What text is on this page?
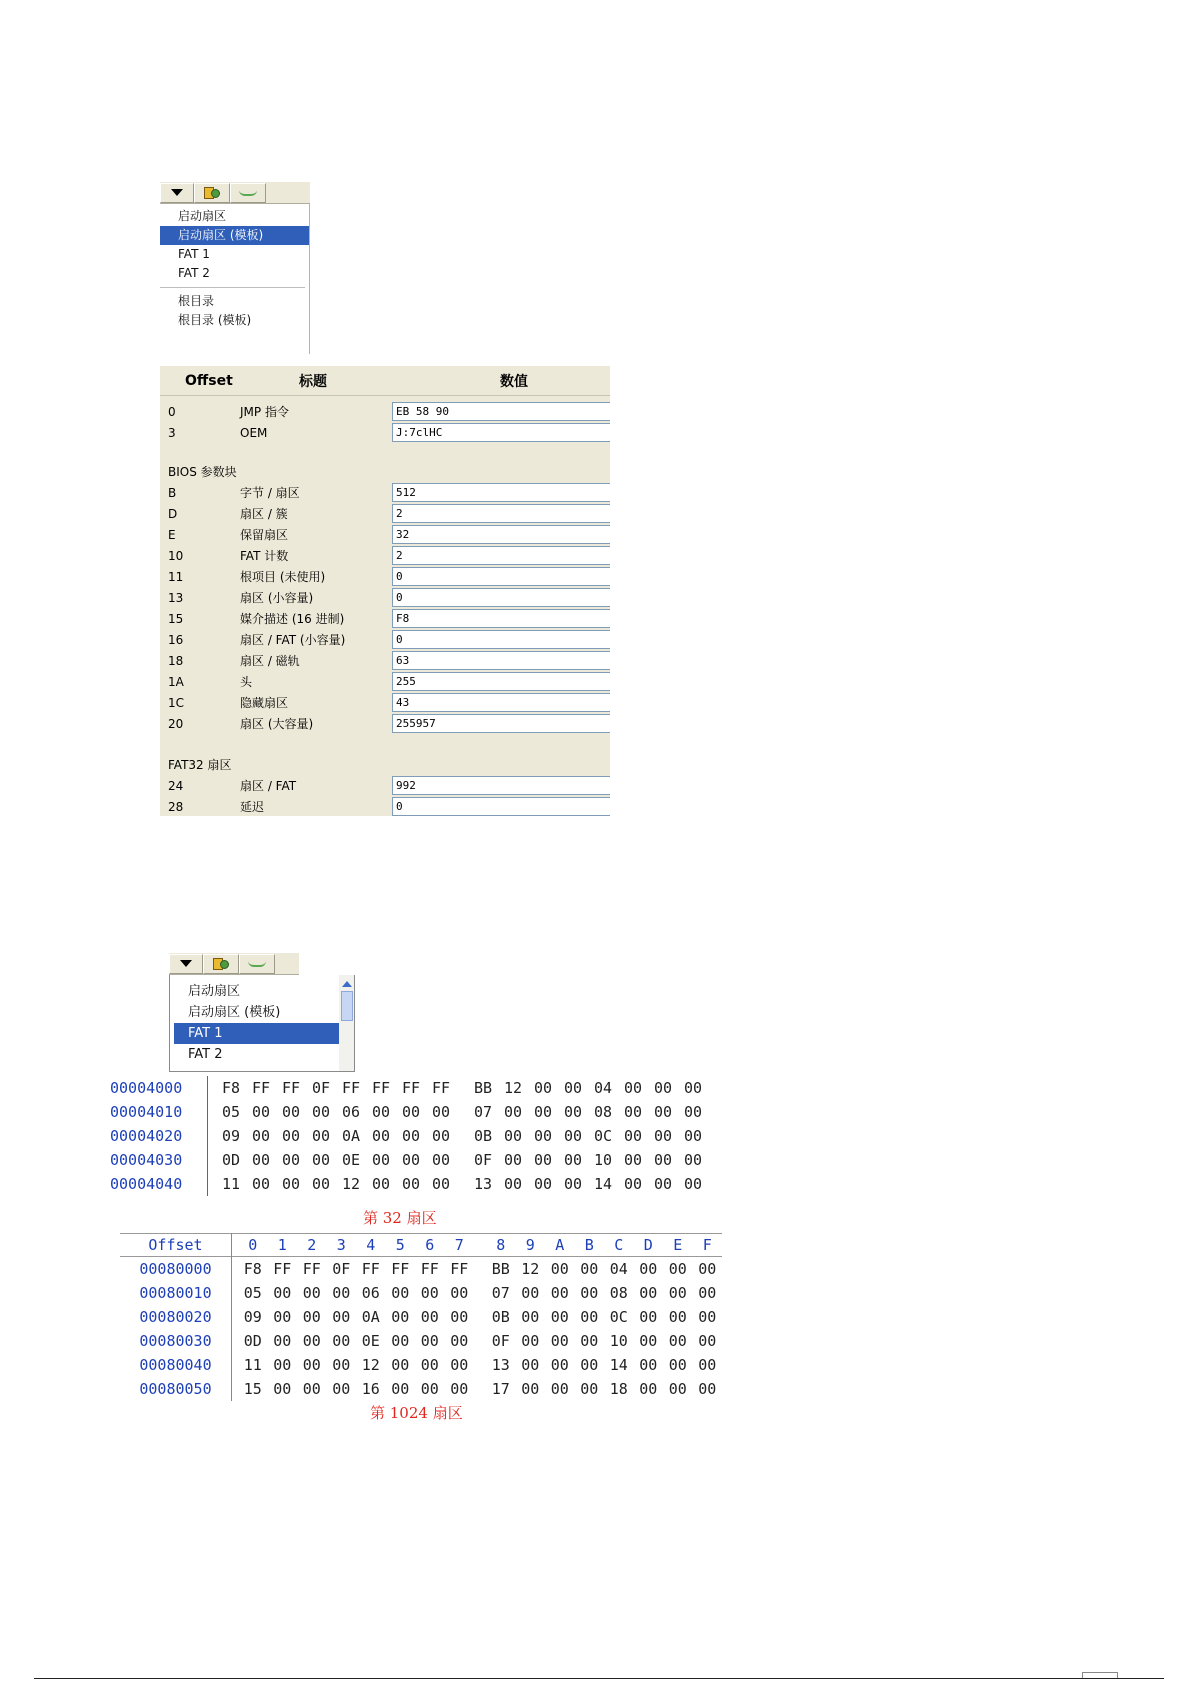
启动扇区
启动扇区 (模板)
FAT 1
FAT 2
根目录
根目录 (模板)
Offset	标题	数值
0	JMP 指令	EB 58 90
3	OEM	J:7clHC
BIOS 参数块
B	字节 / 扇区	512
D	扇区 / 簇	2
E	保留扇区	32
10	FAT 计数	2
11	根项目 (未使用)	0
13	扇区 (小容量)	0
15	媒介描述 (16 进制)	F8
16	扇区 / FAT (小容量)	0
18	扇区 / 磁轨	63
1A	头	255
1C	隐藏扇区	43
20	扇区 (大容量)	255957
FAT32 扇区
24	扇区 / FAT	992
28	延迟	0
启动扇区
启动扇区 (模板)
FAT 1
FAT 2
00004000	F8 FF FF 0F FF FF FF FF	BB 12 00 00 04 00 00 00
00004010	05 00 00 00 06 00 00 00	07 00 00 00 08 00 00 00
00004020	09 00 00 00 0A 00 00 00	0B 00 00 00 0C 00 00 00
00004030	0D 00 00 00 0E 00 00 00	0F 00 00 00 10 00 00 00
00004040	11 00 00 00 12 00 00 00	13 00 00 00 14 00 00 00
第 32 扇区
Offset	0	1	2	3	4	5	6	7	8	9	A	B	C	D	E	F
00080000	F8 FF FF 0F FF FF FF FF	BB 12 00 00 04 00 00 00
00080010	05 00 00 00 06 00 00 00	07 00 00 00 08 00 00 00
00080020	09 00 00 00 0A 00 00 00	0B 00 00 00 0C 00 00 00
00080030	0D 00 00 00 0E 00 00 00	0F 00 00 00 10 00 00 00
00080040	11 00 00 00 12 00 00 00	13 00 00 00 14 00 00 00
00080050	15 00 00 00 16 00 00 00	17 00 00 00 18 00 00 00
第 1024 扇区
